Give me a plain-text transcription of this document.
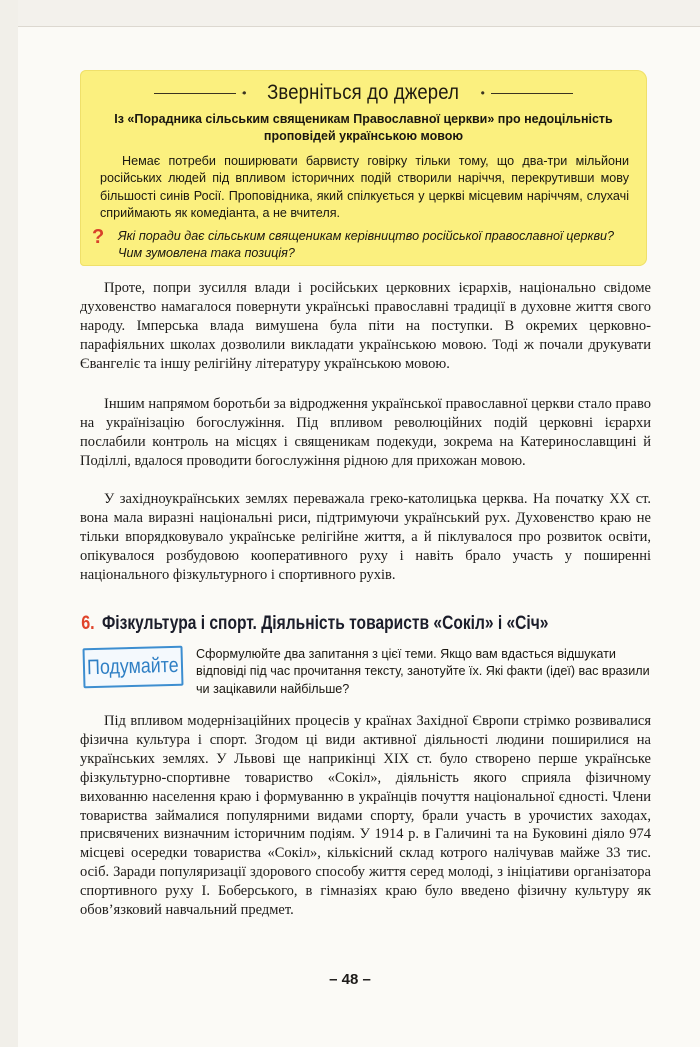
•ּ Зверніться до джерел •
Із «Порадника сільським священикам Православної церкви» про недоцільність проповідей українською мовою
Немає потреби поширювати барвисту говірку тільки тому, що два-три мільйони російських людей під впливом історичних подій створили наріччя, перекрутивши мову більшості синів Росії. Проповідника, який спілкується у церкві місцевим наріччям, слухачі сприймають як комедіанта, а не вчителя.
? Які поради дає сільським священикам керівництво російської православної церкви? Чим зумовлена така позиція?

Проте, попри зусилля влади і російських церковних ієрархів, національно свідоме духовенство намагалося повернути українські православні традиції в духовне життя свого народу. Імперська влада вимушена була піти на поступки. В окремих церковно-парафіяльних школах дозволили викладати українською мовою. Тоді ж почали друкувати Євангеліє та іншу релігійну літературу українською мовою.

Іншим напрямом боротьби за відродження української православної церкви стало право на українізацію богослужіння. Під впливом революційних подій церковні ієрархи послабили контроль на місцях і священикам подекуди, зокрема на Катеринославщині й Поділлі, вдалося проводити богослужіння рідною для прихожан мовою.

У західноукраїнських землях переважала греко-католицька церква. На початку ХХ ст. вона мала виразні національні риси, підтримуючи український рух. Духовенство краю не тільки впорядковувало українське релігійне життя, а й піклувалося про розвиток освіти, опікувалося розбудовою кооперативного руху і навіть брало участь у поширенні національного фізкультурного і спортивного рухів.

6. Фізкультура і спорт. Діяльність товариств «Сокіл» і «Січ»
Подумайте Сформулюйте два запитання з цієї теми. Якщо вам вдасться відшукати відповіді під час прочитання тексту, занотуйте їх. Які факти (ідеї) вас вразили чи зацікавили найбільше?

Під впливом модернізаційних процесів у країнах Західної Європи стрімко розвивалися фізична культура і спорт. Згодом ці види активної діяльності людини поширилися на українських землях. У Львові ще наприкінці ХІХ ст. було створено перше українське фізкультурно-спортивне товариство «Сокіл», діяльність якого сприяла фізичному вихованню населення краю і формуванню в українців почуття національної єдності. Члени товариства займалися популярними видами спорту, брали участь в урочистих заходах, присвячених визначним історичним подіям. У 1914 р. в Галичині та на Буковині діяло 974 місцеві осередки товариства «Сокіл», кількісний склад котрого налічував майже 33 тис. осіб. Заради популяризації здорового способу життя серед молоді, з ініціативи організатора спортивного руху І. Боберського, в гімназіях краю було введено фізичну культуру як обов’язковий навчальний предмет.

– 48 –
